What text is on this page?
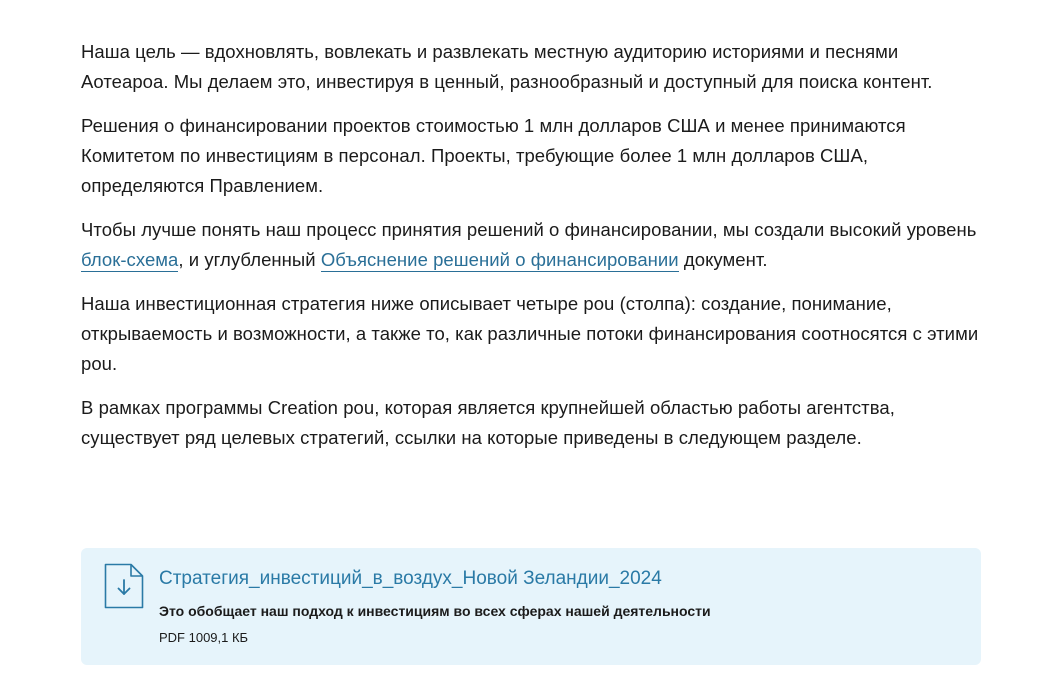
Наша цель — вдохновлять, вовлекать и развлекать местную аудиторию историями и песнями Аотеароа. Мы делаем это, инвестируя в ценный, разнообразный и доступный для поиска контент.

Решения о финансировании проектов стоимостью 1 млн долларов США и менее принимаются Комитетом по инвестициям в персонал. Проекты, требующие более 1 млн долларов США, определяются Правлением.

Чтобы лучше понять наш процесс принятия решений о финансировании, мы создали высокий уровень блок-схема, и углубленный Объяснение решений о финансировании документ.

Наша инвестиционная стратегия ниже описывает четыре pou (столпа): создание, понимание, открываемость и возможности, а также то, как различные потоки финансирования соотносятся с этими pou.

В рамках программы Creation pou, которая является крупнейшей областью работы агентства, существует ряд целевых стратегий, ссылки на которые приведены в следующем разделе.

Стратегия_инвестиций_в_воздух_Новой Зеландии_2024
Это обобщает наш подход к инвестициям во всех сферах нашей деятельности
PDF 1009,1 КБ
